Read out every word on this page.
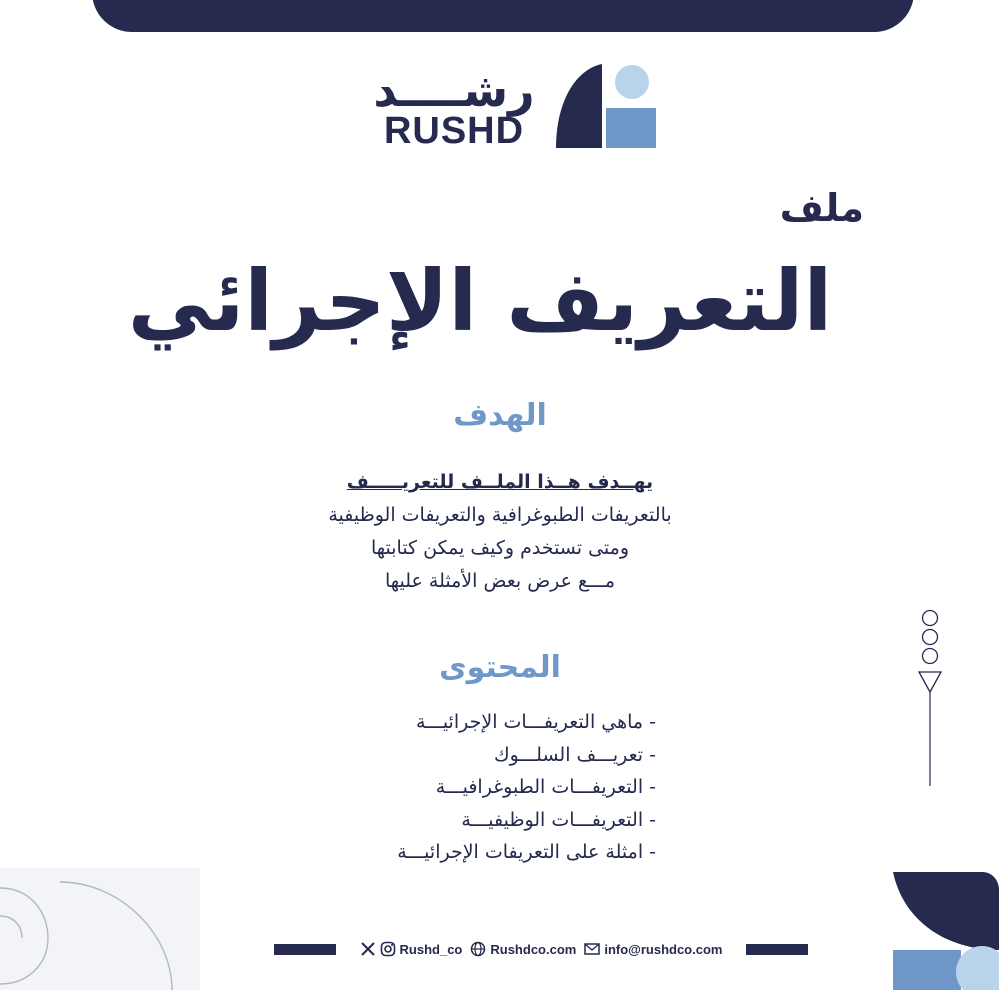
رشــــد
RUSHD
ملف
التعريف الإجرائي
الهدف
يهــدف هــذا الملــف للتعريـــــف
بالتعريفات الطبوغرافية والتعريفات الوظيفية
ومتى تستخدم وكيف يمكن كتابتها
مـــع عرض بعض الأمثلة عليها
المحتوى
- ماهي التعريفـــات الإجرائيـــة
- تعريـــف السلـــوك
- التعريفـــات الطبوغرافيـــة
- التعريفـــات الوظيفيـــة
- امثلة على التعريفات الإجرائيـــة
Rushd_co Rushdco.com info@rushdco.com
